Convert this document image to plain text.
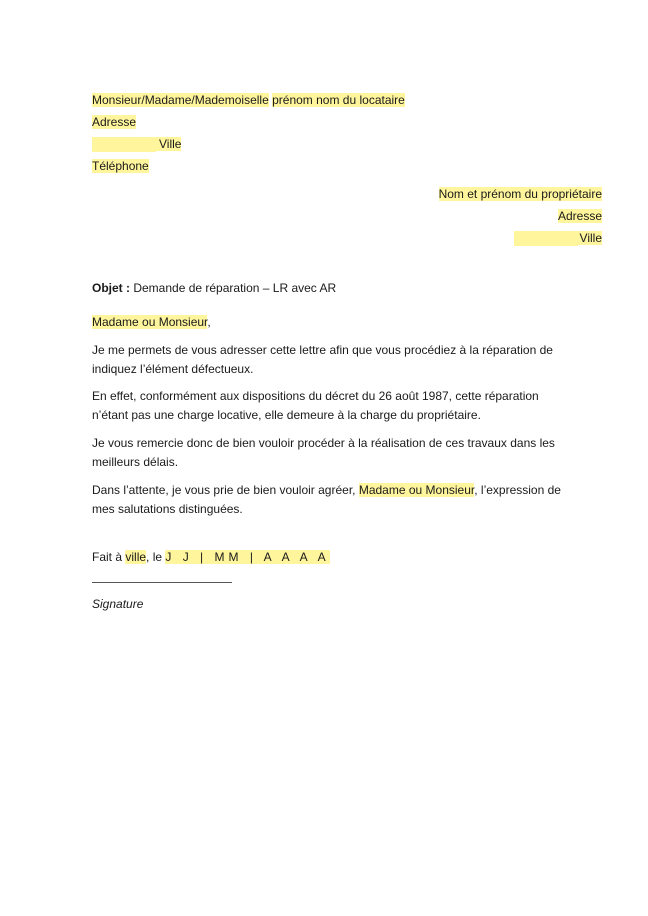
Monsieur/Madame/Mademoiselle prénom nom du locataire
Adresse
Ville
Téléphone
Nom et prénom du propriétaire
Adresse
Ville
Objet : Demande de réparation – LR avec AR
Madame ou Monsieur,
Je me permets de vous adresser cette lettre afin que vous procédiez à la réparation de
indiquez l’élément défectueux.
En effet, conformément aux dispositions du décret du 26 août 1987, cette réparation
n’étant pas une charge locative, elle demeure à la charge du propriétaire.
Je vous remercie donc de bien vouloir procéder à la réalisation de ces travaux dans les
meilleurs délais.
Dans l’attente, je vous prie de bien vouloir agréer, Madame ou Monsieur, l’expression de
mes salutations distinguées.
Fait à ville, le J J | MM | A A A A
Signature
